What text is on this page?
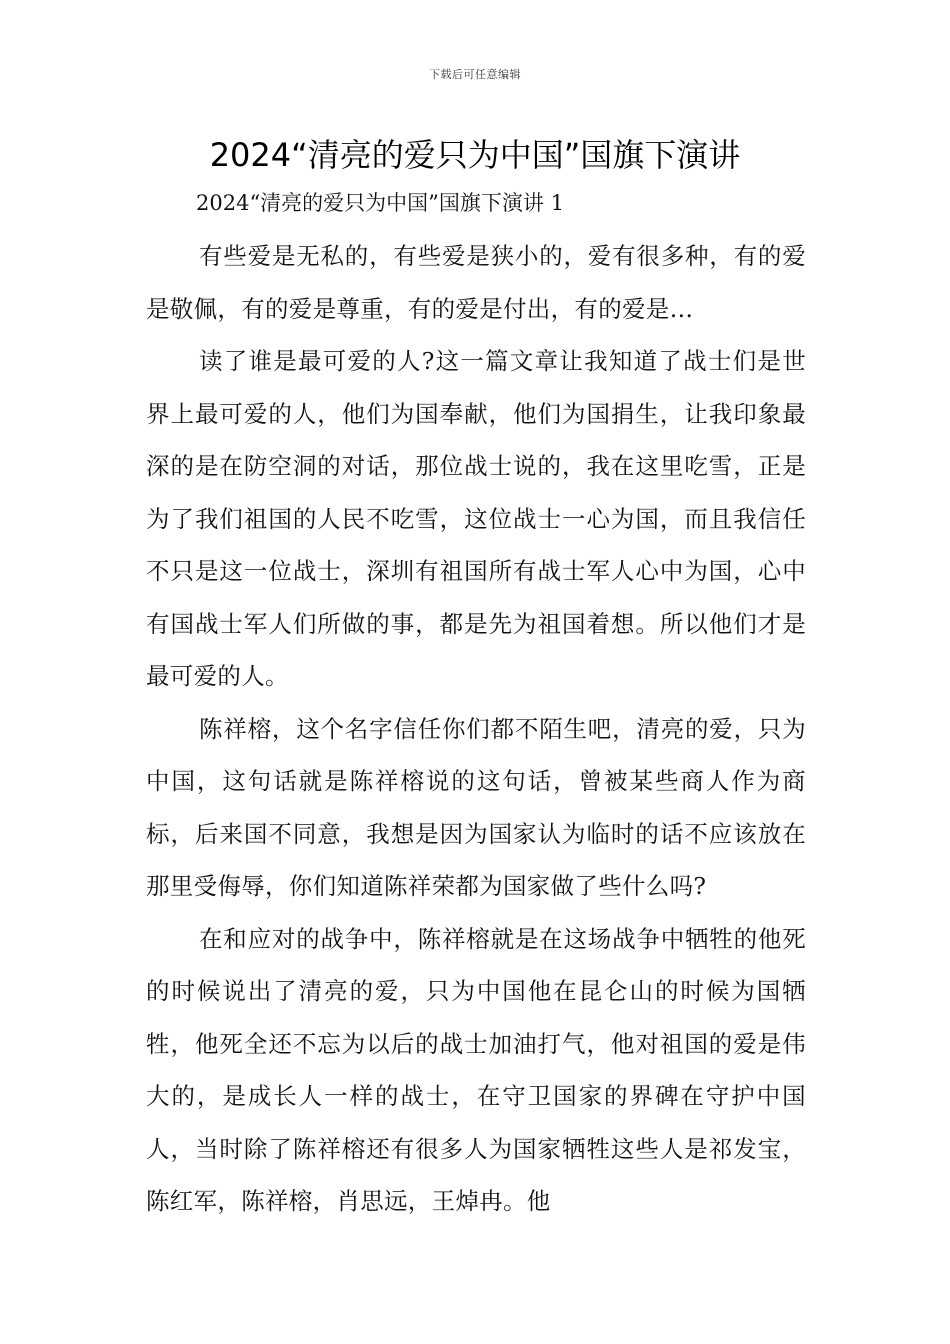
下载后可任意编辑
2024“清亮的爱只为中国”国旗下演讲

2024“清亮的爱只为中国”国旗下演讲 1

有些爱是无私的，有些爱是狭小的，爱有很多种，有的爱是敬佩，有的爱是尊重，有的爱是付出，有的爱是…

读了谁是最可爱的人?这一篇文章让我知道了战士们是世界上最可爱的人，他们为国奉献，他们为国捐生，让我印象最深的是在防空洞的对话，那位战士说的，我在这里吃雪，正是为了我们祖国的人民不吃雪，这位战士一心为国，而且我信任不只是这一位战士，深圳有祖国所有战士军人心中为国，心中有国战士军人们所做的事，都是先为祖国着想。所以他们才是最可爱的人。

陈祥榕，这个名字信任你们都不陌生吧，清亮的爱，只为中国，这句话就是陈祥榕说的这句话，曾被某些商人作为商标，后来国不同意，我想是因为国家认为临时的话不应该放在那里受侮辱，你们知道陈祥荣都为国家做了些什么吗?

在和应对的战争中，陈祥榕就是在这场战争中牺牲的他死的时候说出了清亮的爱，只为中国他在昆仑山的时候为国牺牲，他死全还不忘为以后的战士加油打气，他对祖国的爱是伟大的，是成长人一样的战士，在守卫国家的界碑在守护中国人，当时除了陈祥榕还有很多人为国家牺牲这些人是祁发宝，陈红军，陈祥榕，肖思远，王焯冉。他
